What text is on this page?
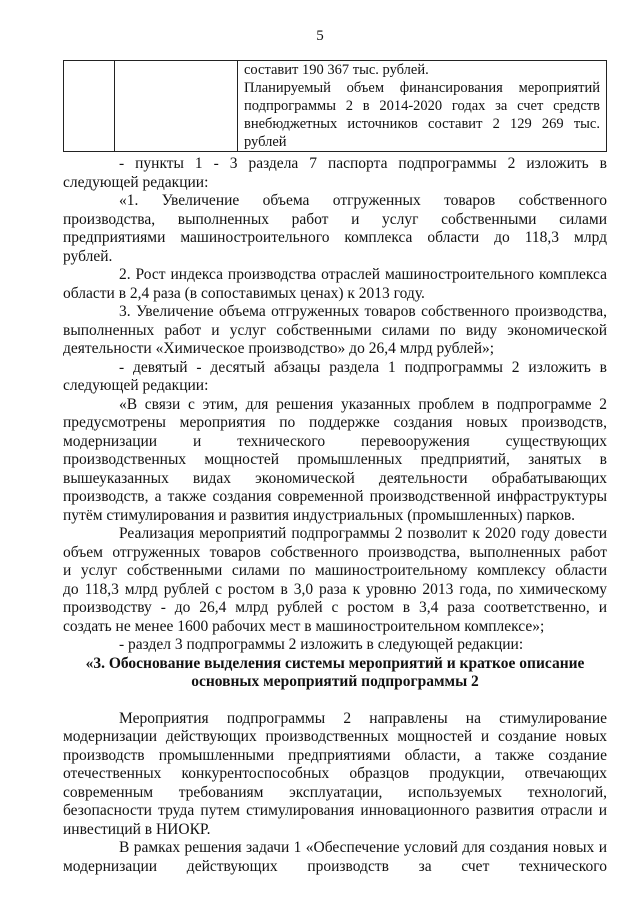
5

составит 190 367 тыс. рублей.
Планируемый объем финансирования мероприятий
подпрограммы 2 в 2014-2020 годах за счет средств
внебюджетных источников составит 2 129 269 тыс.
рублей
- пункты 1 - 3 раздела 7 паспорта подпрограммы 2 изложить в
следующей редакции:
«1. Увеличение объема отгруженных товаров собственного
производства, выполненных работ и услуг собственными силами
предприятиями машиностроительного комплекса области до 118,3 млрд
рублей.
2. Рост индекса производства отраслей машиностроительного комплекса
области в 2,4 раза (в сопоставимых ценах) к 2013 году.
3. Увеличение объема отгруженных товаров собственного производства,
выполненных работ и услуг собственными силами по виду экономической
деятельности «Химическое производство» до 26,4 млрд рублей»;
- девятый - десятый абзацы раздела 1 подпрограммы 2 изложить в
следующей редакции:
«В связи с этим, для решения указанных проблем в подпрограмме 2
предусмотрены мероприятия по поддержке создания новых производств,
модернизации и технического перевооружения существующих
производственных мощностей промышленных предприятий, занятых в
вышеуказанных видах экономической деятельности обрабатывающих
производств, а также создания современной производственной инфраструктуры
путём стимулирования и развития индустриальных (промышленных) парков.
Реализация мероприятий подпрограммы 2 позволит к 2020 году довести
объем отгруженных товаров собственного производства, выполненных работ
и услуг собственными силами по машиностроительному комплексу области
до 118,3 млрд рублей с ростом в 3,0 раза к уровню 2013 года, по химическому
производству - до 26,4 млрд рублей с ростом в 3,4 раза соответственно, и
создать не менее 1600 рабочих мест в машиностроительном комплексе»;
- раздел 3 подпрограммы 2 изложить в следующей редакции:
«3. Обоснование выделения системы мероприятий и краткое описание
основных мероприятий подпрограммы 2
Мероприятия подпрограммы 2 направлены на стимулирование
модернизации действующих производственных мощностей и создание новых
производств промышленными предприятиями области, а также создание
отечественных конкурентоспособных образцов продукции, отвечающих
современным требованиям эксплуатации, используемых технологий,
безопасности труда путем стимулирования инновационного развития отрасли и
инвестиций в НИОКР.
В рамках решения задачи 1 «Обеспечение условий для создания новых и
модернизации действующих производств за счет технического
